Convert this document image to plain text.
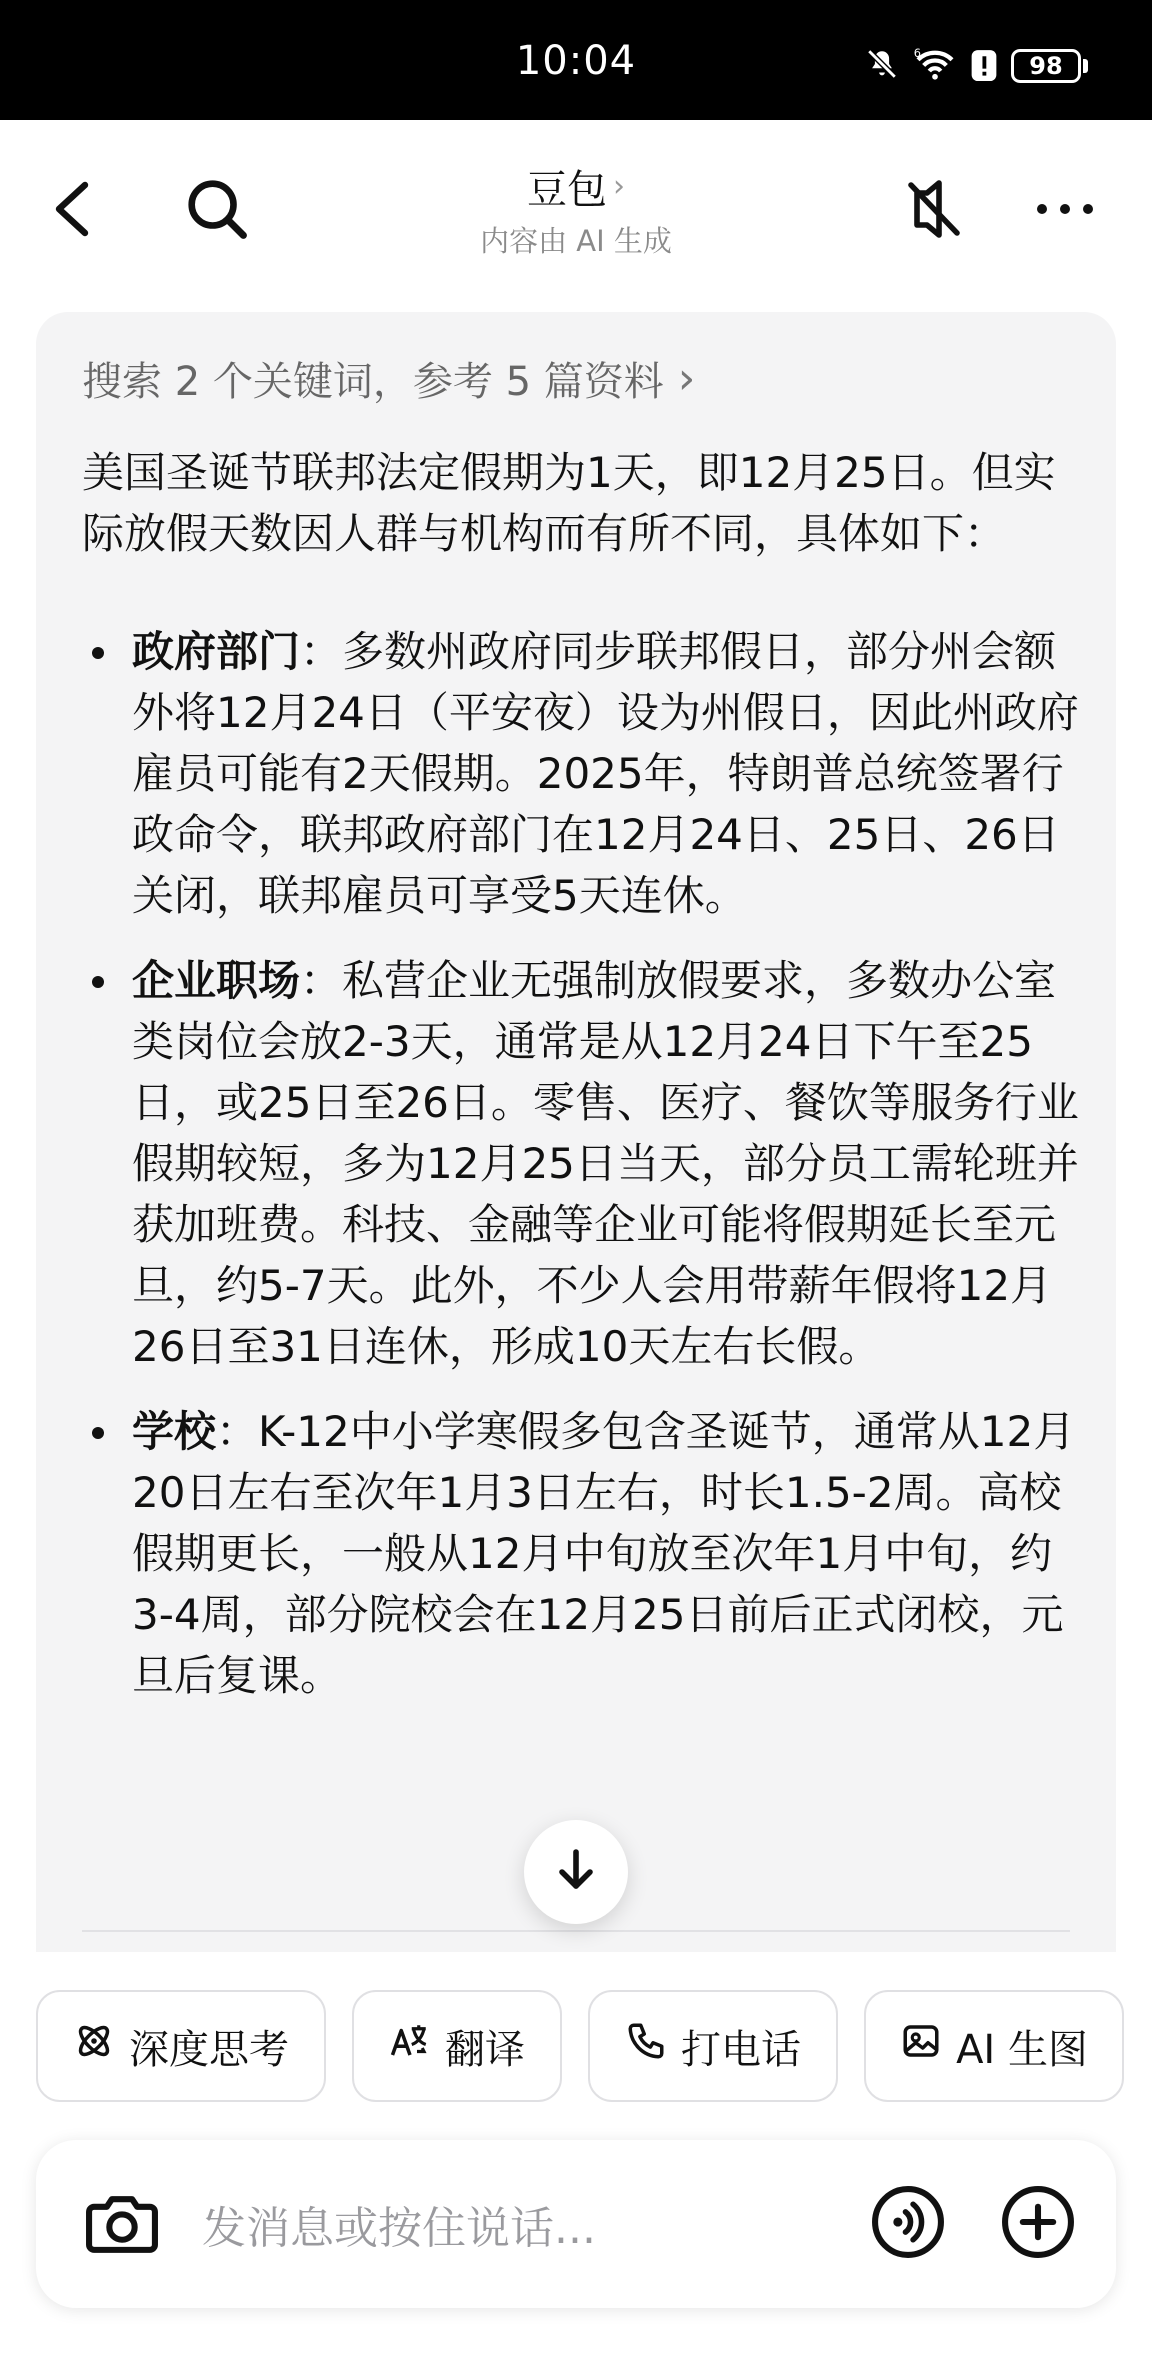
10:04	6	98
豆包 ›
内容由 AI 生成
搜索 2 个关键词，参考 5 篇资料 ›

美国圣诞节联邦法定假期为1天，即12月25日。但实际放假天数因人群与机构而有所不同，具体如下：

政府部门：多数州政府同步联邦假日，部分州会额外将12月24日（平安夜）设为州假日，因此州政府雇员可能有2天假期。2025年，特朗普总统签署行政命令，联邦政府部门在12月24日、25日、26日关闭，联邦雇员可享受5天连休。
企业职场：私营企业无强制放假要求，多数办公室类岗位会放2-3天，通常是从12月24日下午至25日，或25日至26日。零售、医疗、餐饮等服务行业假期较短，多为12月25日当天，部分员工需轮班并获加班费。科技、金融等企业可能将假期延长至元旦，约5-7天。此外，不少人会用带薪年假将12月26日至31日连休，形成10天左右长假。
学校：K-12中小学寒假多包含圣诞节，通常从12月20日左右至次年1月3日左右，时长1.5-2周。高校假期更长，一般从12月中旬放至次年1月中旬，约3-4周，部分院校会在12月25日前后正式闭校，元旦后复课。
深度思考	翻译	打电话	AI 生图
发消息或按住说话...
